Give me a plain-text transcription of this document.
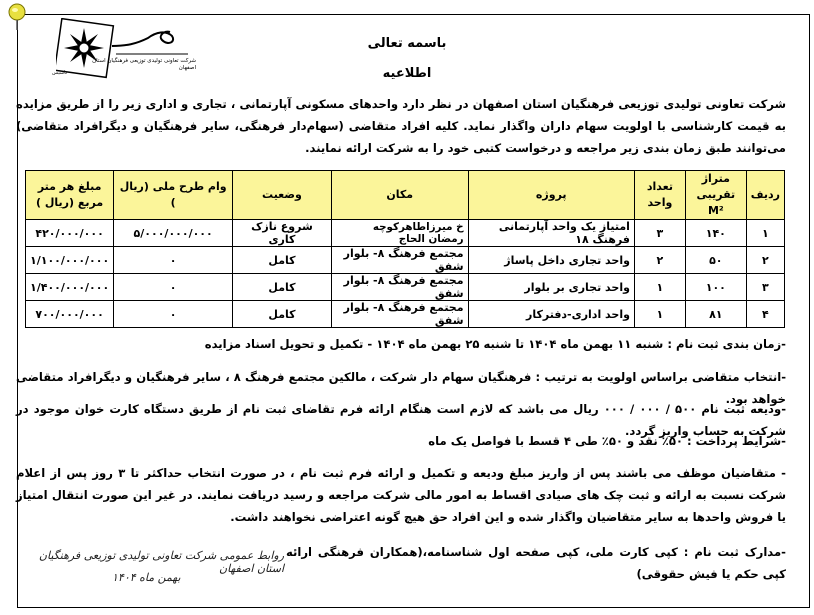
شرکت تعاونی تولیدی توزیعی فرهنگیان استان اصفهان
تاسیس
باسمه تعالی
اطلاعیه
شرکت تعاونی تولیدی توزیعی فرهنگیان استان اصفهان در نظر دارد واحدهای مسکونی آپارتمانی ، تجاری و اداری زیر را از طریق مزایده به قیمت کارشناسی با اولویت سهام داران واگذار نماید. کلیه افراد متقاضی (سهام‌دار فرهنگی، سایر فرهنگیان و دیگرافراد متقاضی) می‌توانند طبق زمان بندی زیر مراجعه و درخواست کتبی خود را به شرکت ارائه نمایند.
ردیف	متراژ تقریبی M²	تعداد واحد	پروژه	مکان	وضعیت	وام طرح ملی (ریال )	مبلغ هر متر مربع (ریال )
۱	۱۴۰	۳	امتیاز یک واحد آپارتمانی فرهنگ ۱۸	خ میرزاطاهرکوچه رمضان الحاج	شروع نازک کاری	۵/۰۰۰/۰۰۰/۰۰۰	۴۲۰/۰۰۰/۰۰۰
۲	۵۰	۲	واحد تجاری داخل پاساژ	مجتمع فرهنگ ۸- بلوار شفق	کامل	۰	۱/۱۰۰/۰۰۰/۰۰۰
۳	۱۰۰	۱	واحد تجاری بر بلوار	مجتمع فرهنگ ۸- بلوار شفق	کامل	۰	۱/۴۰۰/۰۰۰/۰۰۰
۴	۸۱	۱	واحد اداری-دفترکار	مجتمع فرهنگ ۸- بلوار شفق	کامل	۰	۷۰۰/۰۰۰/۰۰۰
-زمان بندی ثبت نام : شنبه ۱۱ بهمن ماه ۱۴۰۴ تا شنبه ۲۵ بهمن ماه ۱۴۰۴ - تکمیل و تحویل اسناد مزایده
-انتخاب متقاضی براساس اولویت به ترتیب : فرهنگیان سهام دار شرکت ، مالکین مجتمع فرهنگ ۸ ، سایر فرهنگیان و دیگرافراد متقاضی خواهد بود.
-ودیعه ثبت نام ۵۰۰ / ۰۰۰ / ۰۰۰ ریال می باشد که لازم است هنگام ارائه فرم تقاضای ثبت نام از طریق دستگاه کارت خوان موجود در شرکت به حساب واریز گردد.
-شرایط پرداخت : ۵۰٪ نقد و ۵۰٪ طی ۴ قسط با فواصل یک ماه
- متقاضیان موظف می باشند پس از واریز مبلغ ودیعه و تکمیل و ارائه فرم ثبت نام ، در صورت انتخاب حداکثر تا ۳ روز پس از اعلام شرکت نسبت به ارائه و ثبت چک های صیادی اقساط به امور مالی شرکت مراجعه و رسید دریافت نمایند. در غیر این صورت انتقال امتیاز یا فروش واحدها به سایر متقاضیان واگذار شده و این افراد حق هیچ گونه اعتراضی نخواهند داشت.
-مدارک ثبت نام : کپی کارت ملی، کپی صفحه اول شناسنامه،(همکاران فرهنگی ارائه کپی حکم یا فیش حقوقی)
روابط عمومی شرکت تعاونی تولیدی توزیعی فرهنگیان استان اصفهان
بهمن ماه ۱۴۰۴
